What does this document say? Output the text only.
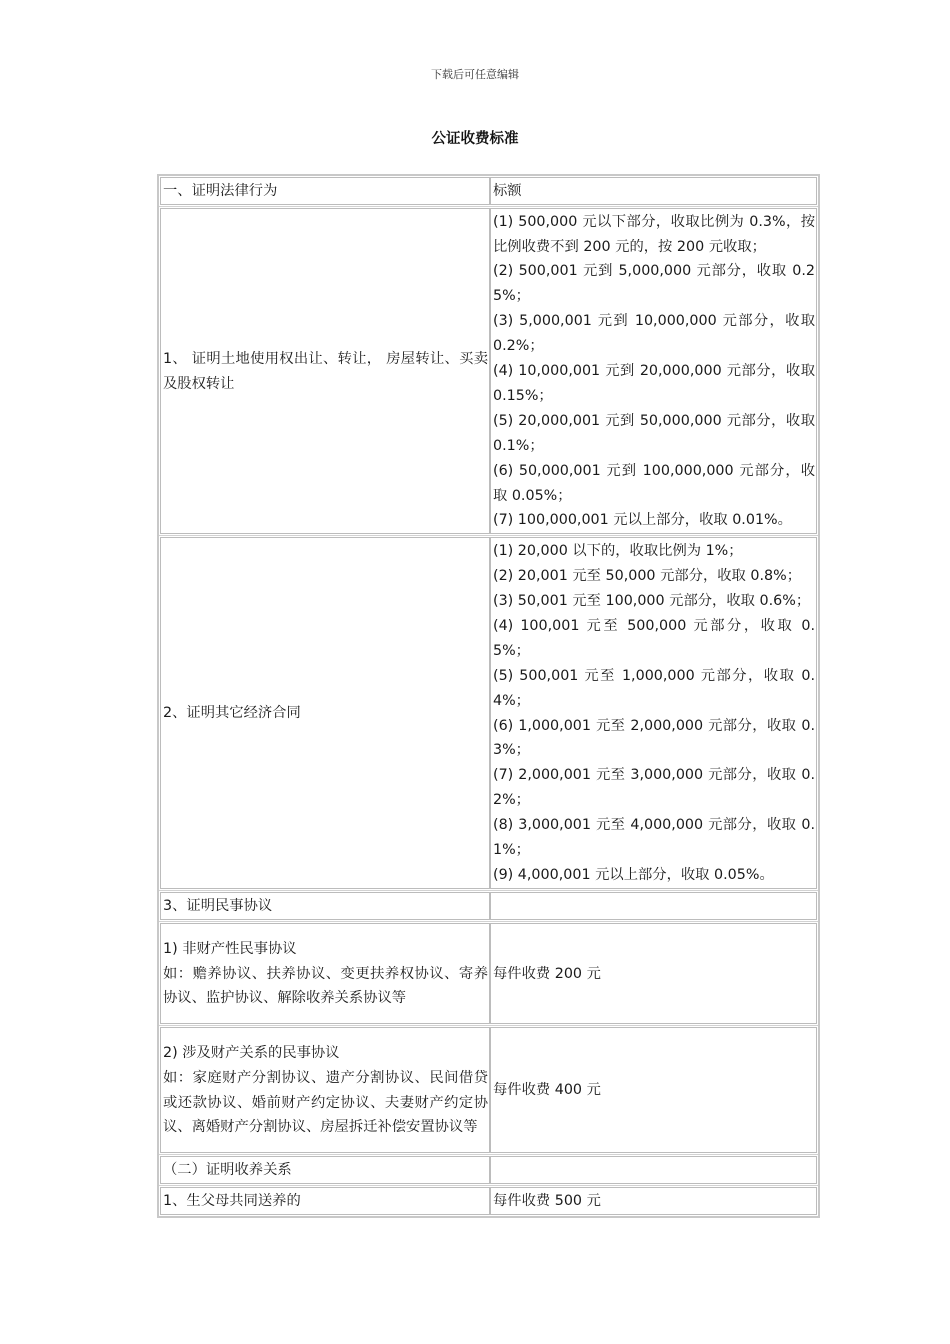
下载后可任意编辑
公证收费标准
一、证明法律行为	标额
1、 证明土地使用权出让、转让， 房屋转让、买卖及股权转让
(1) 500,000 元以下部分，收取比例为 0.3%，按比例收费不到 200 元的，按 200 元收取；
(2) 500,001 元到 5,000,000 元部分，收取 0.25%；
(3) 5,000,001 元到 10,000,000 元部分，收取 0.2%；
(4) 10,000,001 元到 20,000,000 元部分，收取 0.15%；
(5) 20,000,001 元到 50,000,000 元部分，收取 0.1%；
(6) 50,000,001 元到 100,000,000 元部分，收取 0.05%；
(7) 100,000,001 元以上部分，收取 0.01%。
2、证明其它经济合同
(1) 20,000 以下的，收取比例为 1%；
(2) 20,001 元至 50,000 元部分，收取 0.8%；
(3) 50,001 元至 100,000 元部分，收取 0.6%；
(4) 100,001 元至 500,000 元部分，收取 0.5%；
(5) 500,001 元至 1,000,000 元部分，收取 0.4%；
(6) 1,000,001 元至 2,000,000 元部分，收取 0.3%；
(7) 2,000,001 元至 3,000,000 元部分，收取 0.2%；
(8) 3,000,001 元至 4,000,000 元部分，收取 0.1%；
(9) 4,000,001 元以上部分，收取 0.05%。
3、证明民事协议
1) 非财产性民事协议
如：赡养协议、扶养协议、变更扶养权协议、寄养协议、监护协议、解除收养关系协议等
每件收费 200 元
2) 涉及财产关系的民事协议
如：家庭财产分割协议、遗产分割协议、民间借贷或还款协议、婚前财产约定协议、夫妻财产约定协议、离婚财产分割协议、房屋拆迁补偿安置协议等
每件收费 400 元
（二）证明收养关系
1、生父母共同送养的	每件收费 500 元
